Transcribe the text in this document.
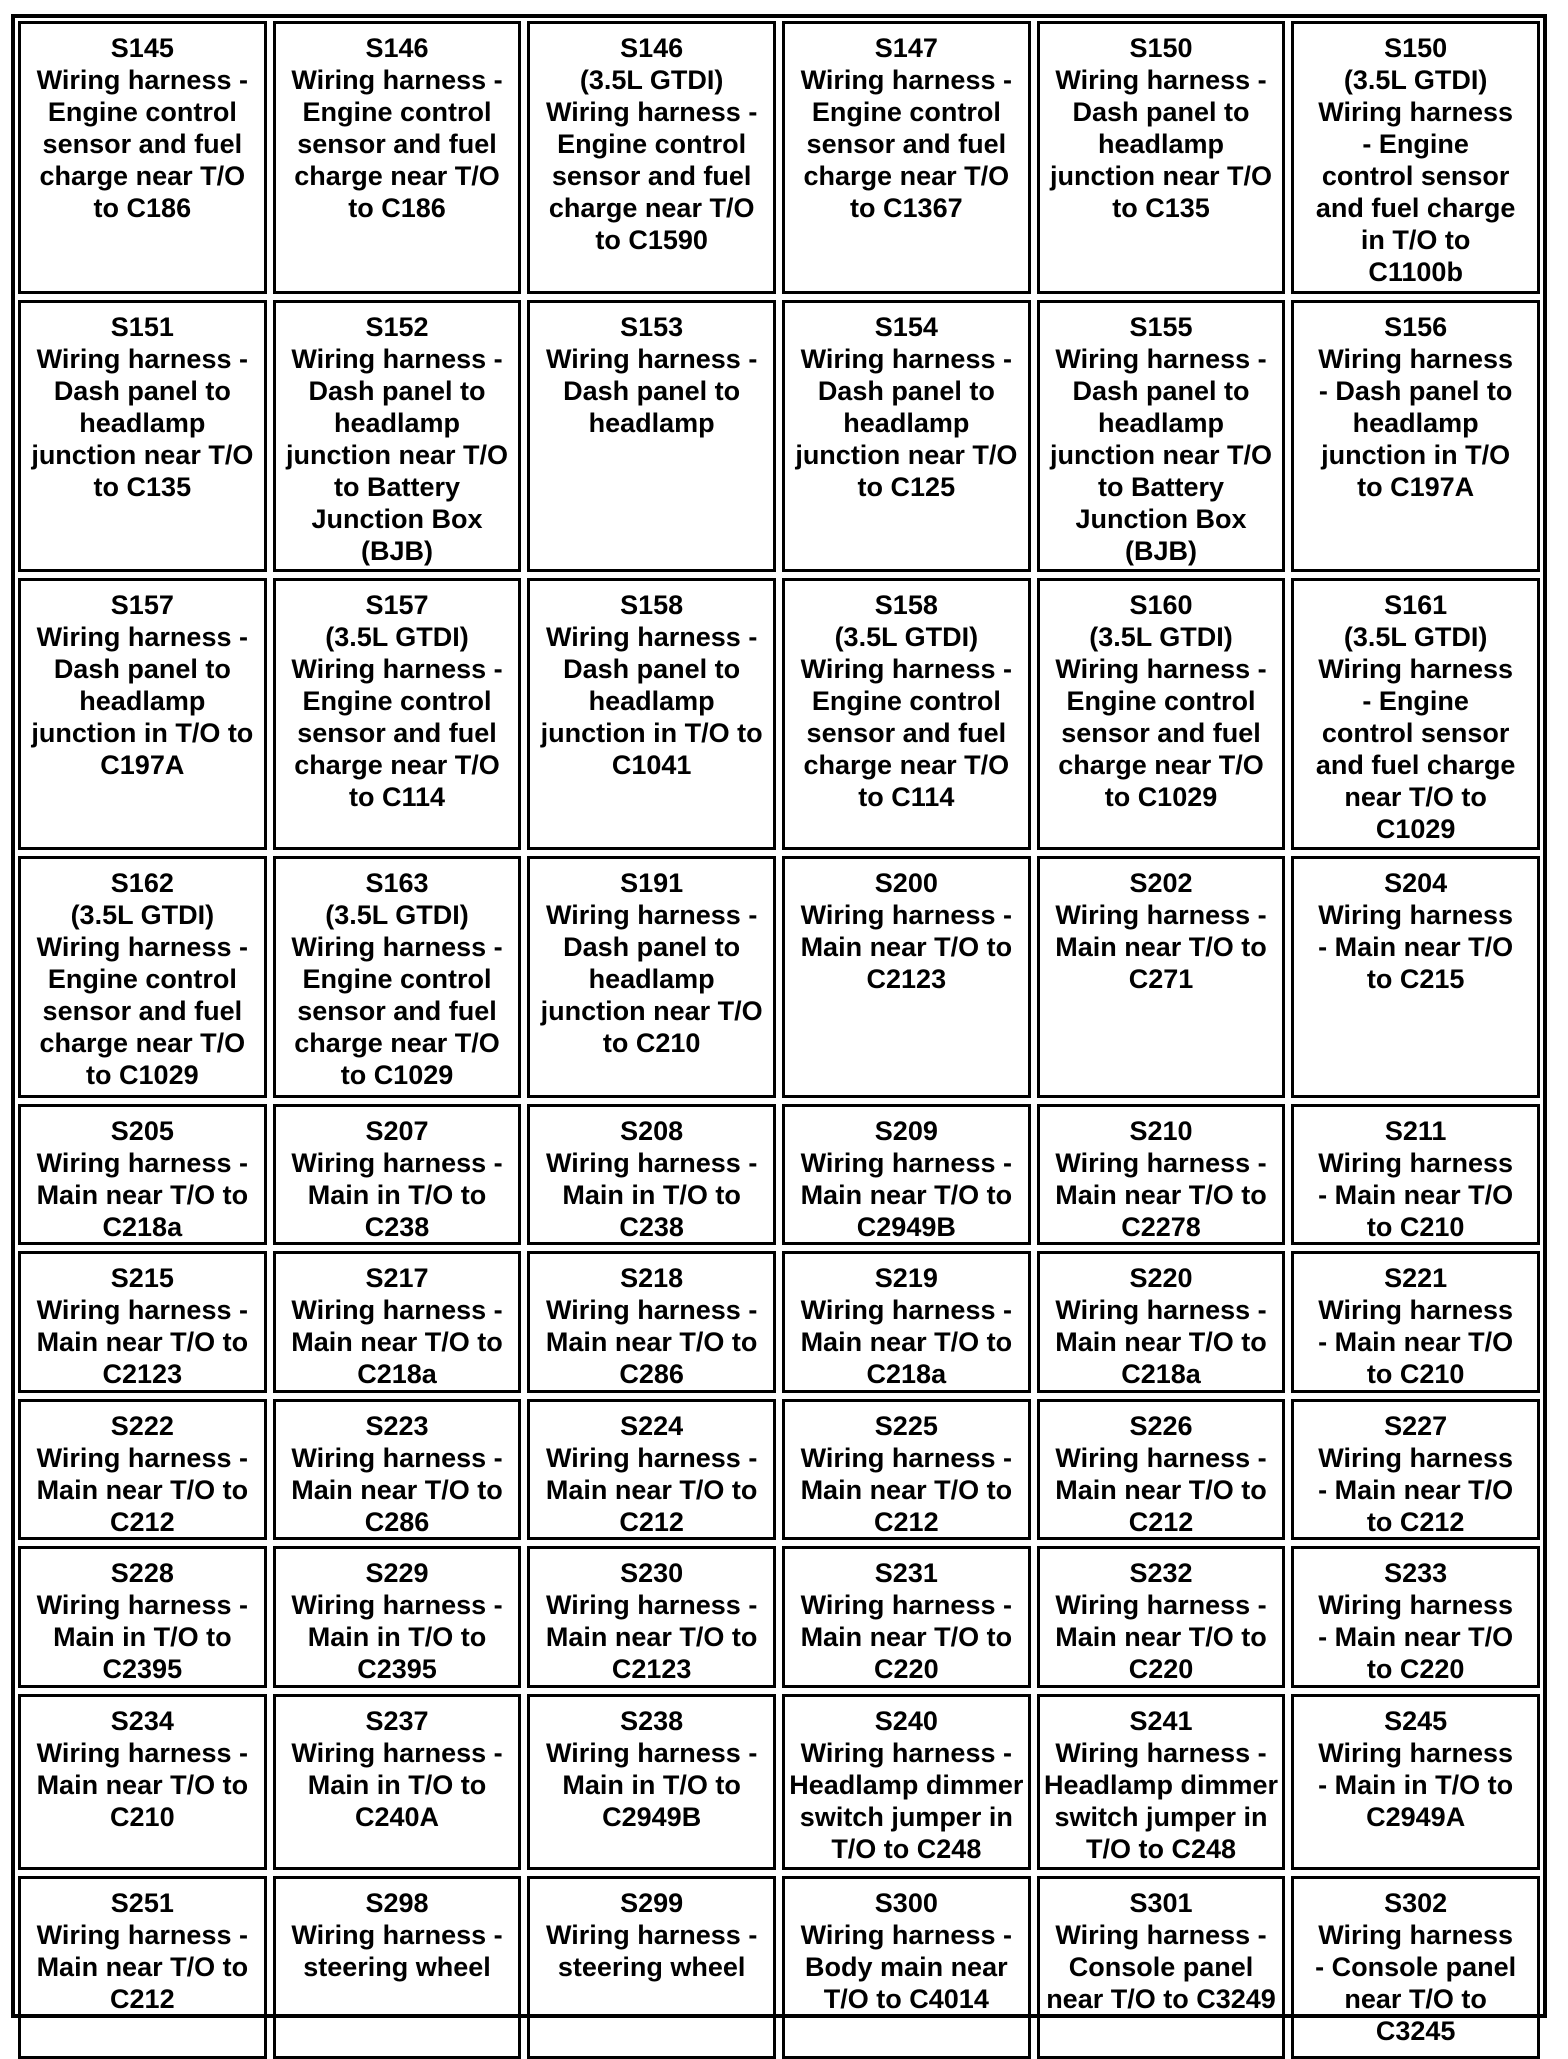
S145
Wiring harness -
Engine control
sensor and fuel
charge near T/O
to C186
S146
Wiring harness -
Engine control
sensor and fuel
charge near T/O
to C186
S146
(3.5L GTDI)
Wiring harness -
Engine control
sensor and fuel
charge near T/O
to C1590
S147
Wiring harness -
Engine control
sensor and fuel
charge near T/O
to C1367
S150
Wiring harness -
Dash panel to
headlamp
junction near T/O
to C135
S150
(3.5L GTDI)
Wiring harness
- Engine
control sensor
and fuel charge
in T/O to
C1100b
S151
Wiring harness -
Dash panel to
headlamp
junction near T/O
to C135
S152
Wiring harness -
Dash panel to
headlamp
junction near T/O
to Battery
Junction Box
(BJB)
S153
Wiring harness -
Dash panel to
headlamp
S154
Wiring harness -
Dash panel to
headlamp
junction near T/O
to C125
S155
Wiring harness -
Dash panel to
headlamp
junction near T/O
to Battery
Junction Box
(BJB)
S156
Wiring harness
- Dash panel to
headlamp
junction in T/O
to C197A
S157
Wiring harness -
Dash panel to
headlamp
junction in T/O to
C197A
S157
(3.5L GTDI)
Wiring harness -
Engine control
sensor and fuel
charge near T/O
to C114
S158
Wiring harness -
Dash panel to
headlamp
junction in T/O to
C1041
S158
(3.5L GTDI)
Wiring harness -
Engine control
sensor and fuel
charge near T/O
to C114
S160
(3.5L GTDI)
Wiring harness -
Engine control
sensor and fuel
charge near T/O
to C1029
S161
(3.5L GTDI)
Wiring harness
- Engine
control sensor
and fuel charge
near T/O to
C1029
S162
(3.5L GTDI)
Wiring harness -
Engine control
sensor and fuel
charge near T/O
to C1029
S163
(3.5L GTDI)
Wiring harness -
Engine control
sensor and fuel
charge near T/O
to C1029
S191
Wiring harness -
Dash panel to
headlamp
junction near T/O
to C210
S200
Wiring harness -
Main near T/O to
C2123
S202
Wiring harness -
Main near T/O to
C271
S204
Wiring harness
- Main near T/O
to C215
S205
Wiring harness -
Main near T/O to
C218a
S207
Wiring harness -
Main in T/O to
C238
S208
Wiring harness -
Main in T/O to
C238
S209
Wiring harness -
Main near T/O to
C2949B
S210
Wiring harness -
Main near T/O to
C2278
S211
Wiring harness
- Main near T/O
to C210
S215
Wiring harness -
Main near T/O to
C2123
S217
Wiring harness -
Main near T/O to
C218a
S218
Wiring harness -
Main near T/O to
C286
S219
Wiring harness -
Main near T/O to
C218a
S220
Wiring harness -
Main near T/O to
C218a
S221
Wiring harness
- Main near T/O
to C210
S222
Wiring harness -
Main near T/O to
C212
S223
Wiring harness -
Main near T/O to
C286
S224
Wiring harness -
Main near T/O to
C212
S225
Wiring harness -
Main near T/O to
C212
S226
Wiring harness -
Main near T/O to
C212
S227
Wiring harness
- Main near T/O
to C212
S228
Wiring harness -
Main in T/O to
C2395
S229
Wiring harness -
Main in T/O to
C2395
S230
Wiring harness -
Main near T/O to
C2123
S231
Wiring harness -
Main near T/O to
C220
S232
Wiring harness -
Main near T/O to
C220
S233
Wiring harness
- Main near T/O
to C220
S234
Wiring harness -
Main near T/O to
C210
S237
Wiring harness -
Main in T/O to
C240A
S238
Wiring harness -
Main in T/O to
C2949B
S240
Wiring harness -
Headlamp dimmer
switch jumper in
T/O to C248
S241
Wiring harness -
Headlamp dimmer
switch jumper in
T/O to C248
S245
Wiring harness
- Main in T/O to
C2949A
S251
Wiring harness -
Main near T/O to
C212
S298
Wiring harness -
steering wheel
S299
Wiring harness -
steering wheel
S300
Wiring harness -
Body main near
T/O to C4014
S301
Wiring harness -
Console panel
near T/O to C3249
S302
Wiring harness
- Console panel
near T/O to
C3245
